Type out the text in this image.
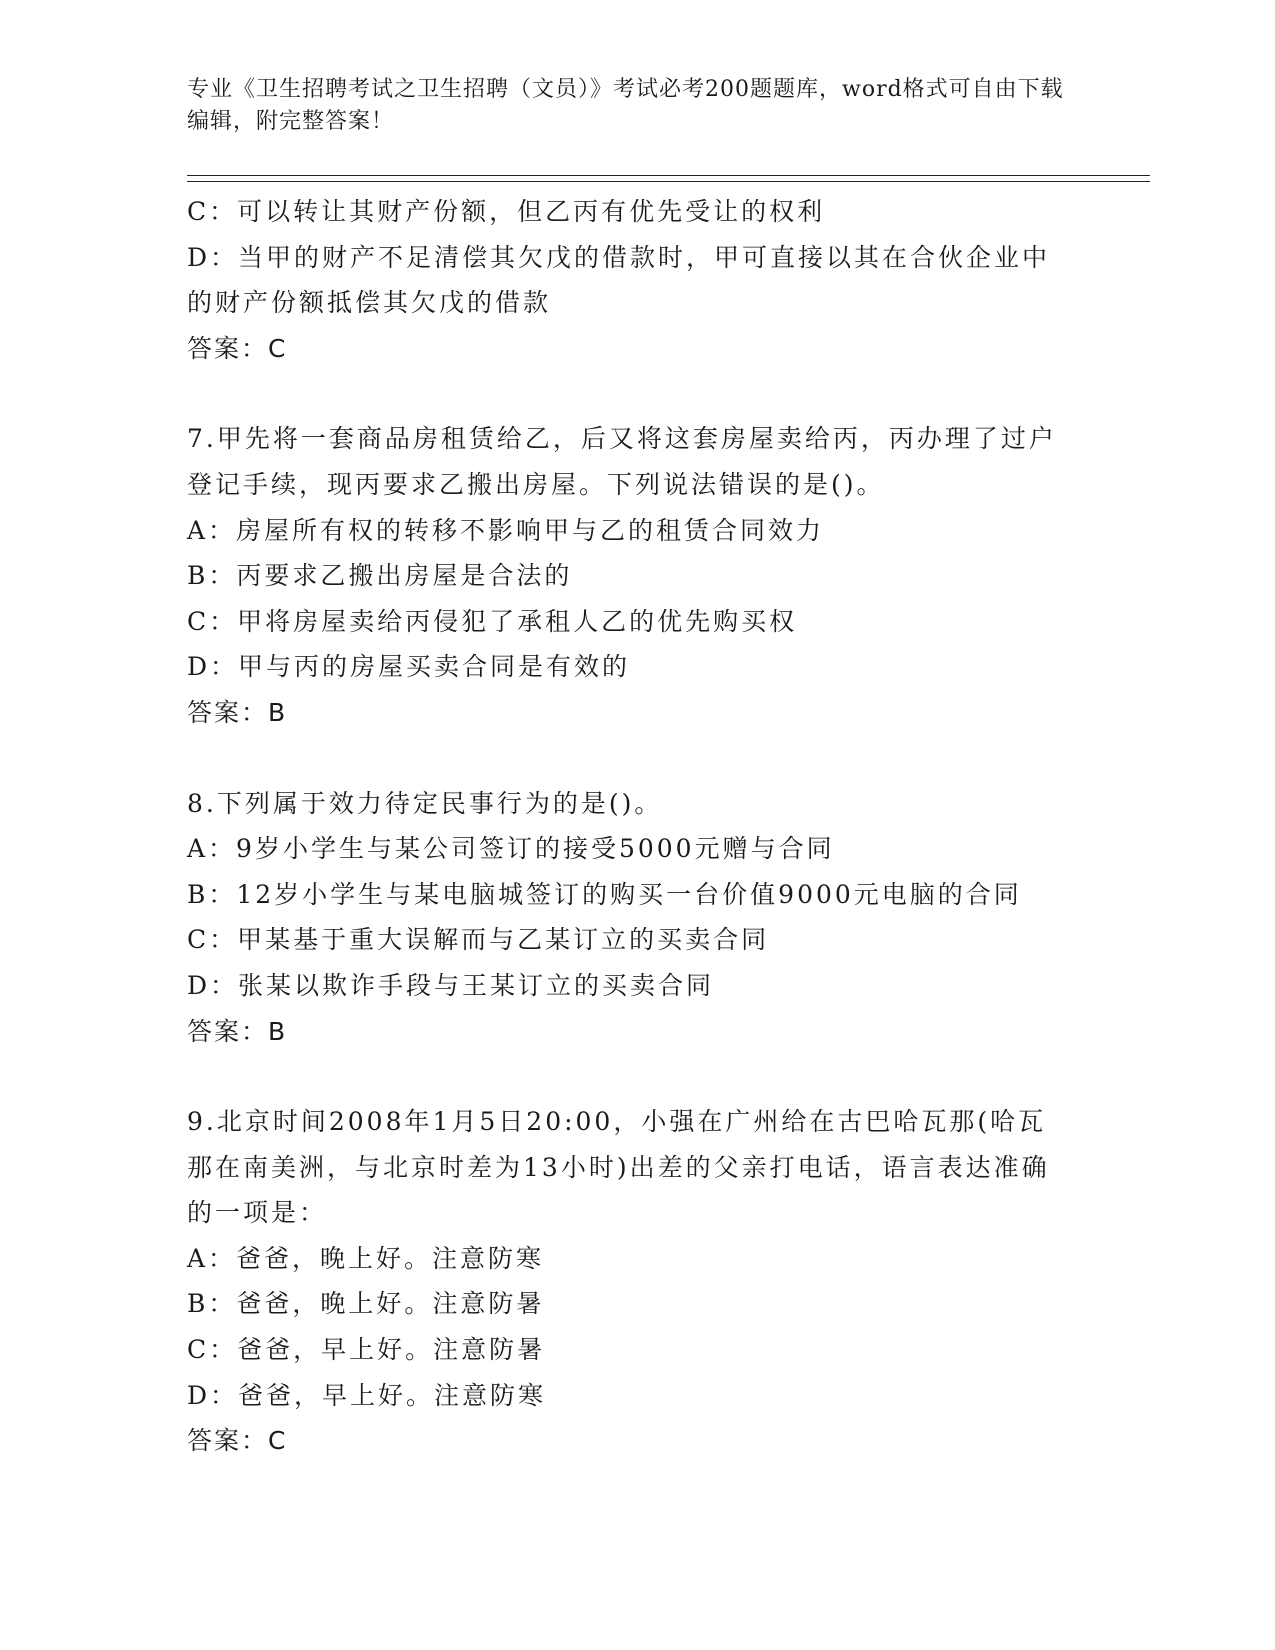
专业《卫生招聘考试之卫生招聘（文员）》考试必考200题题库，word格式可自由下载编辑，附完整答案！

C：可以转让其财产份额，但乙丙有优先受让的权利

D：当甲的财产不足清偿其欠戊的借款时，甲可直接以其在合伙企业中的财产份额抵偿其欠戊的借款

答案：C

7.甲先将一套商品房租赁给乙，后又将这套房屋卖给丙，丙办理了过户登记手续，现丙要求乙搬出房屋。下列说法错误的是()。

A：房屋所有权的转移不影响甲与乙的租赁合同效力

B：丙要求乙搬出房屋是合法的

C：甲将房屋卖给丙侵犯了承租人乙的优先购买权

D：甲与丙的房屋买卖合同是有效的

答案：B

8.下列属于效力待定民事行为的是()。

A：9岁小学生与某公司签订的接受5000元赠与合同

B：12岁小学生与某电脑城签订的购买一台价值9000元电脑的合同

C：甲某基于重大误解而与乙某订立的买卖合同

D：张某以欺诈手段与王某订立的买卖合同

答案：B

9.北京时间2008年1月5日20:00，小强在广州给在古巴哈瓦那(哈瓦那在南美洲，与北京时差为13小时)出差的父亲打电话，语言表达准确的一项是：

A：爸爸，晚上好。注意防寒

B：爸爸，晚上好。注意防暑

C：爸爸，早上好。注意防暑

D：爸爸，早上好。注意防寒

答案：C
